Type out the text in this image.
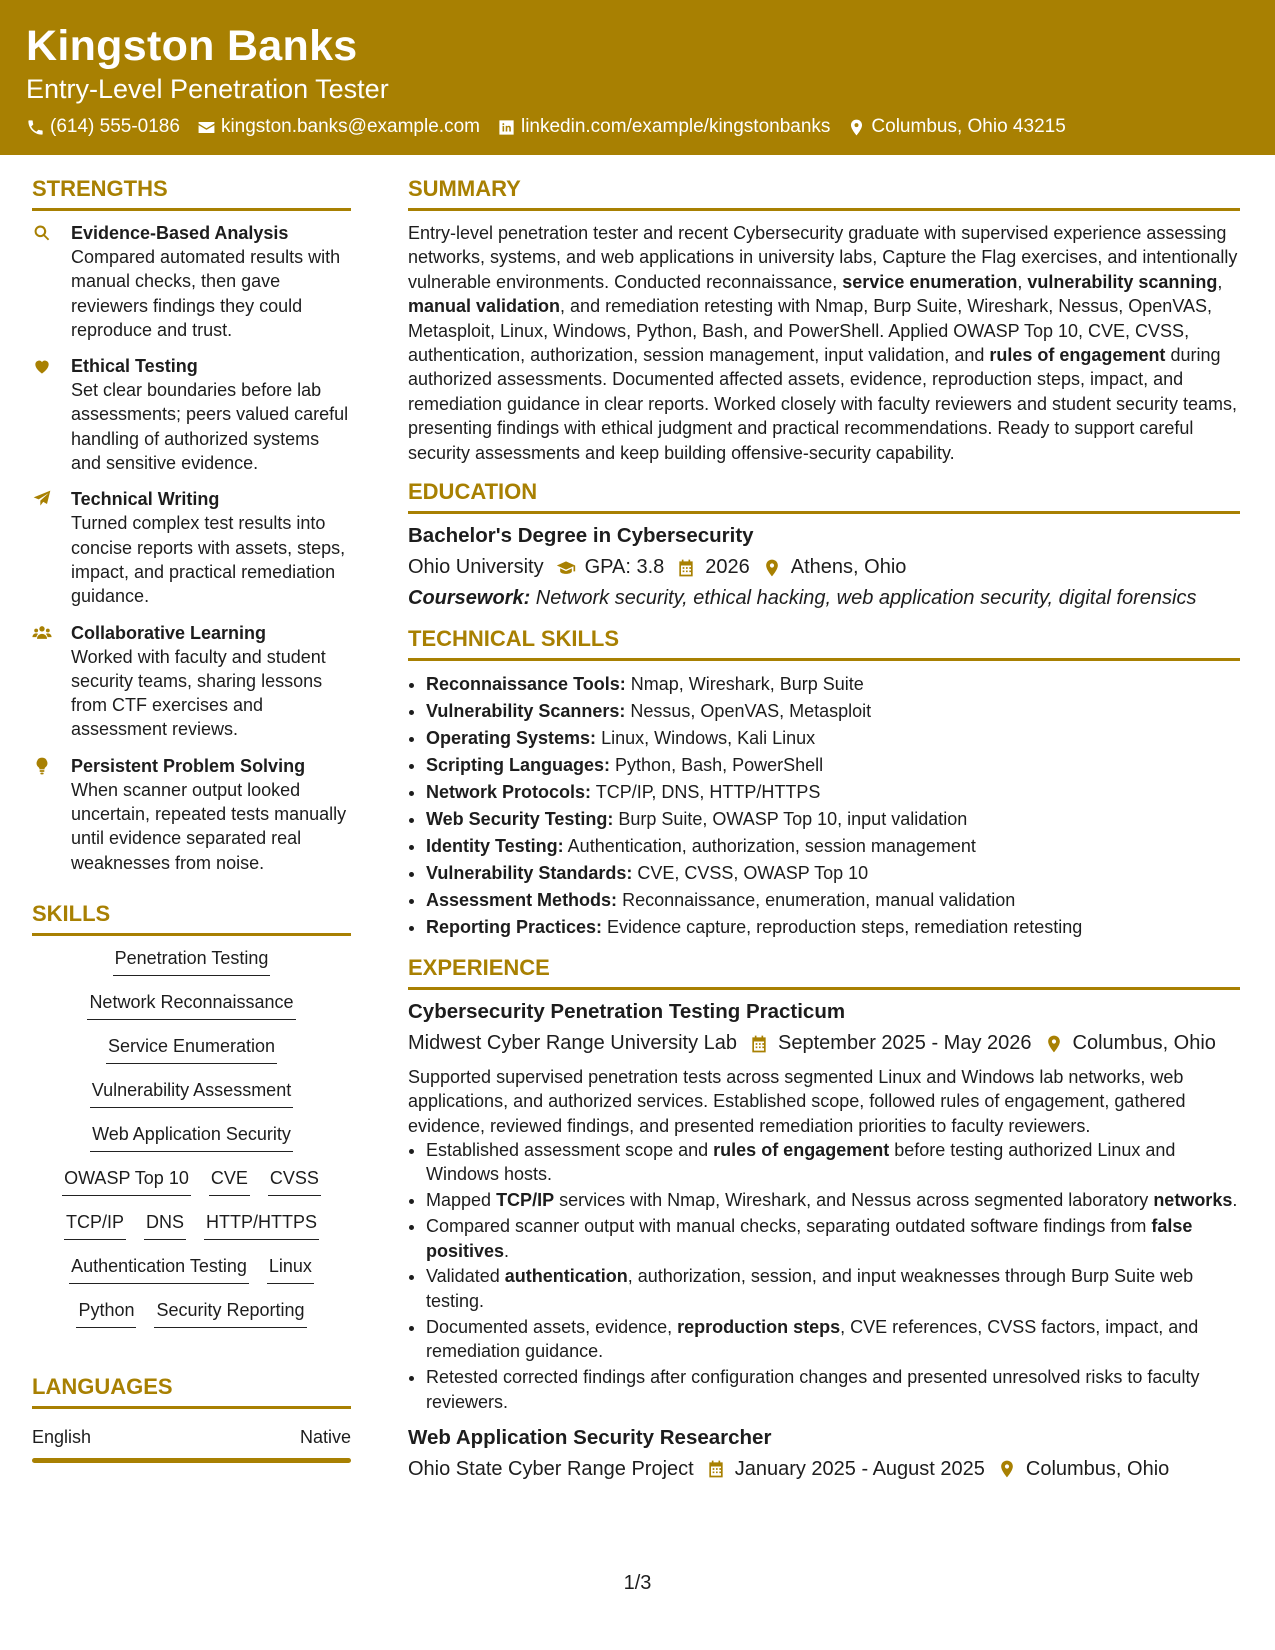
Kingston Banks
Entry-Level Penetration Tester
(614) 555-0186 kingston.banks@example.com linkedin.com/example/kingstonbanks Columbus, Ohio 43215
STRENGTHS
Evidence-Based Analysis
Compared automated results with manual checks, then gave reviewers findings they could reproduce and trust.
Ethical Testing
Set clear boundaries before lab assessments; peers valued careful handling of authorized systems and sensitive evidence.
Technical Writing
Turned complex test results into concise reports with assets, steps, impact, and practical remediation guidance.
Collaborative Learning
Worked with faculty and student security teams, sharing lessons from CTF exercises and assessment reviews.
Persistent Problem Solving
When scanner output looked uncertain, repeated tests manually until evidence separated real weaknesses from noise.
SKILLS
Penetration Testing
Network Reconnaissance
Service Enumeration
Vulnerability Assessment
Web Application Security
OWASP Top 10 CVE CVSS
TCP/IP DNS HTTP/HTTPS
Authentication Testing Linux
Python Security Reporting
LANGUAGES
English	Native
SUMMARY
Entry-level penetration tester and recent Cybersecurity graduate with supervised experience assessing networks, systems, and web applications in university labs, Capture the Flag exercises, and intentionally vulnerable environments. Conducted reconnaissance, service enumeration, vulnerability scanning, manual validation, and remediation retesting with Nmap, Burp Suite, Wireshark, Nessus, OpenVAS, Metasploit, Linux, Windows, Python, Bash, and PowerShell. Applied OWASP Top 10, CVE, CVSS, authentication, authorization, session management, input validation, and rules of engagement during authorized assessments. Documented affected assets, evidence, reproduction steps, impact, and remediation guidance in clear reports. Worked closely with faculty reviewers and student security teams, presenting findings with ethical judgment and practical recommendations. Ready to support careful security assessments and keep building offensive-security capability.
EDUCATION
Bachelor's Degree in Cybersecurity
Ohio University GPA: 3.8 2026 Athens, Ohio
Coursework: Network security, ethical hacking, web application security, digital forensics
TECHNICAL SKILLS
• Reconnaissance Tools: Nmap, Wireshark, Burp Suite
• Vulnerability Scanners: Nessus, OpenVAS, Metasploit
• Operating Systems: Linux, Windows, Kali Linux
• Scripting Languages: Python, Bash, PowerShell
• Network Protocols: TCP/IP, DNS, HTTP/HTTPS
• Web Security Testing: Burp Suite, OWASP Top 10, input validation
• Identity Testing: Authentication, authorization, session management
• Vulnerability Standards: CVE, CVSS, OWASP Top 10
• Assessment Methods: Reconnaissance, enumeration, manual validation
• Reporting Practices: Evidence capture, reproduction steps, remediation retesting
EXPERIENCE
Cybersecurity Penetration Testing Practicum
Midwest Cyber Range University Lab September 2025 - May 2026 Columbus, Ohio
Supported supervised penetration tests across segmented Linux and Windows lab networks, web applications, and authorized services. Established scope, followed rules of engagement, gathered evidence, reviewed findings, and presented remediation priorities to faculty reviewers.
• Established assessment scope and rules of engagement before testing authorized Linux and Windows hosts.
• Mapped TCP/IP services with Nmap, Wireshark, and Nessus across segmented laboratory networks.
• Compared scanner output with manual checks, separating outdated software findings from false positives.
• Validated authentication, authorization, session, and input weaknesses through Burp Suite web testing.
• Documented assets, evidence, reproduction steps, CVE references, CVSS factors, impact, and remediation guidance.
• Retested corrected findings after configuration changes and presented unresolved risks to faculty reviewers.
Web Application Security Researcher
Ohio State Cyber Range Project January 2025 - August 2025 Columbus, Ohio
1/3
